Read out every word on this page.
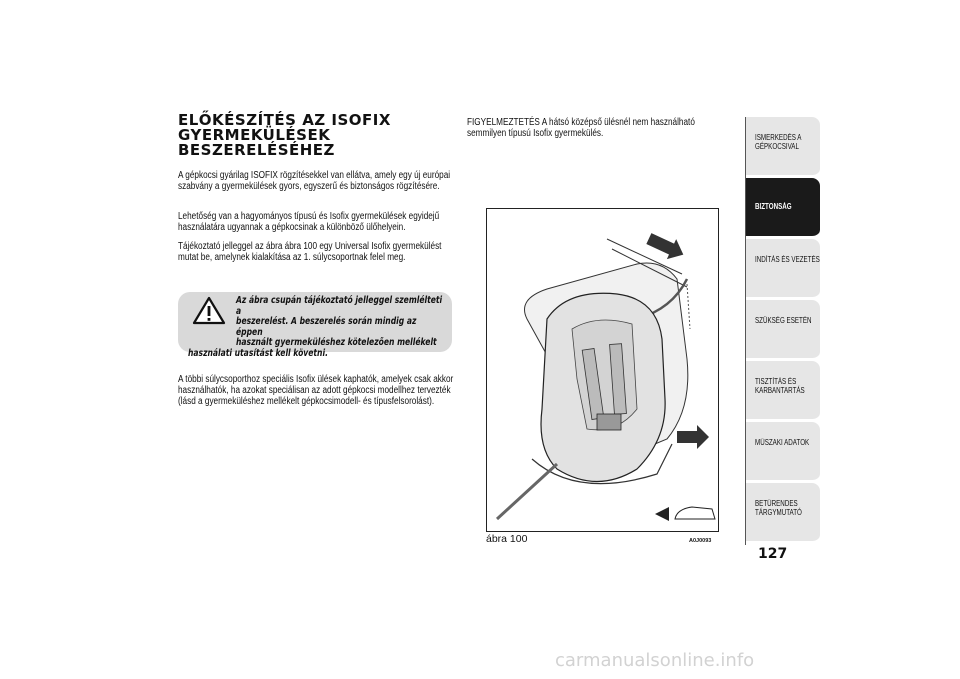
ELŐKÉSZÍTÉS AZ ISOFIX
GYERMEKÜLÉSEK
BESZERELÉSÉHEZ

A gépkocsi gyárilag ISOFIX rögzítésekkel van ellátva, amely egy új európai szabvány a gyermekülések gyors, egyszerű és biztonságos rögzítésére.

Lehetőség van a hagyományos típusú és Isofix gyermekülések egyidejű használatára ugyannak a gépkocsinak a különböző ülőhelyein.

Tájékoztató jelleggel az ábra ábra 100 egy Universal Isofix gyermekülést mutat be, amelynek kialakítása az 1. súlycsoportnak felel meg.

Az ábra csupán tájékoztató jelleggel szemlélteti a
beszerelést. A beszerelés során mindig az éppen
használt gyermeküléshez kötelezően mellékelt
használati utasítást kell követni.

A többi súlycsoporthoz speciális Isofix ülések kaphatók, amelyek csak akkor használhatók, ha azokat speciálisan az adott gépkocsi modellhez tervezték (lásd a gyermeküléshez mellékelt gépkocsimodell- és típusfelsorolást).

FIGYELMEZTETÉS A hátsó középső ülésnél nem használható semmilyen típusú Isofix gyermekülés.

ábra 100	A0J0093

ISMERKEDÉS A GÉPKOCSIVAL

BIZTONSÁG

INDÍTÁS ÉS VEZETÉS

SZÜKSÉG ESETÉN

TISZTÍTÁS ÉS KARBANTARTÁS

MŰSZAKI ADATOK

BETŰRENDES TÁRGYMUTATÓ

127

carmanualsonline.info
